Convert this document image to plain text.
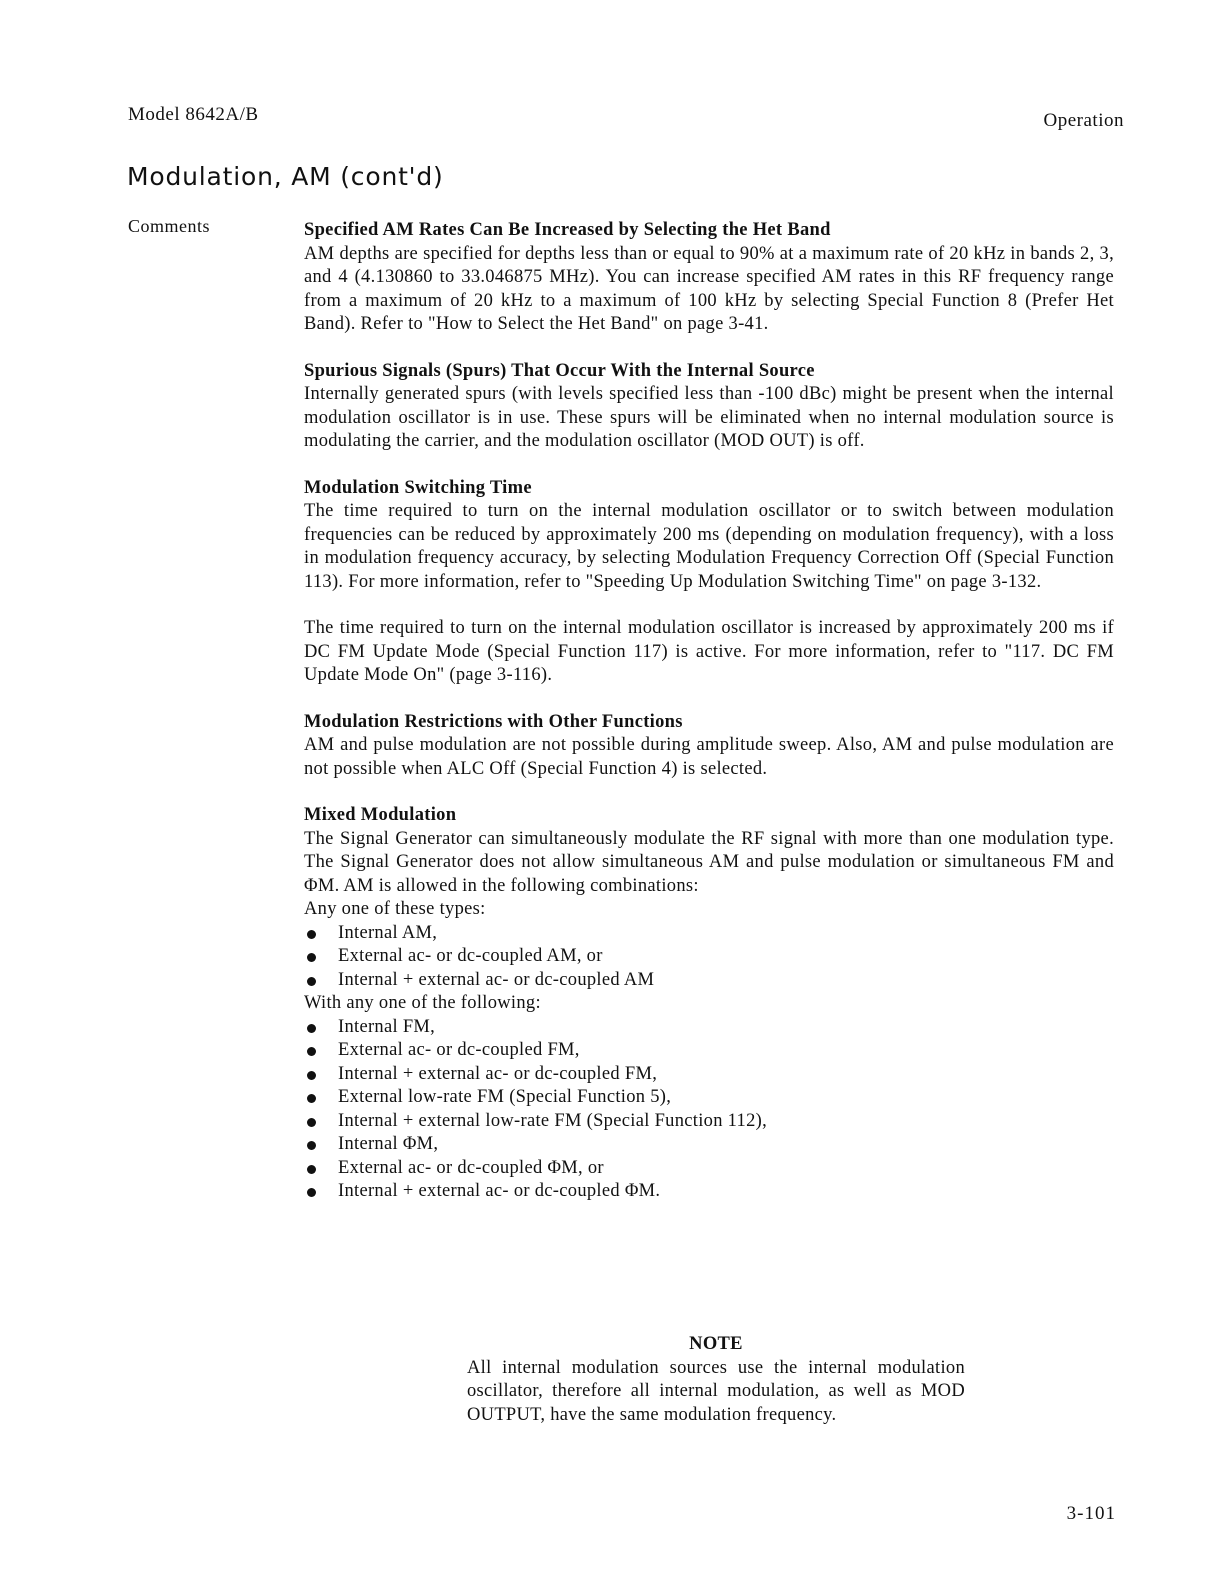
Model 8642A/B	Operation
Modulation, AM (cont'd)
Comments	Specified AM Rates Can Be Increased by Selecting the Het Band

AM depths are specified for depths less than or equal to 90% at a maximum rate of 20 kHz in bands 2, 3, and 4 (4.130860 to 33.046875 MHz). You can increase specified AM rates in this RF frequency range from a maximum of 20 kHz to a maximum of 100 kHz by selecting Special Function 8 (Prefer Het Band). Refer to "How to Select the Het Band" on page 3-41.

Spurious Signals (Spurs) That Occur With the Internal Source

Internally generated spurs (with levels specified less than -100 dBc) might be present when the internal modulation oscillator is in use. These spurs will be eliminated when no internal modulation source is modulating the carrier, and the modulation oscillator (MOD OUT) is off.

Modulation Switching Time

The time required to turn on the internal modulation oscillator or to switch between modulation frequencies can be reduced by approximately 200 ms (depending on modulation frequency), with a loss in modulation frequency accuracy, by selecting Modulation Frequency Correction Off (Special Function 113). For more information, refer to "Speeding Up Modulation Switching Time" on page 3-132.

The time required to turn on the internal modulation oscillator is increased by approximately 200 ms if DC FM Update Mode (Special Function 117) is active. For more information, refer to "117. DC FM Update Mode On" (page 3-116).

Modulation Restrictions with Other Functions

AM and pulse modulation are not possible during amplitude sweep. Also, AM and pulse modulation are not possible when ALC Off (Special Function 4) is selected.

Mixed Modulation

The Signal Generator can simultaneously modulate the RF signal with more than one modulation type. The Signal Generator does not allow simultaneous AM and pulse modulation or simultaneous FM and ΦM. AM is allowed in the following combinations:

Any one of these types:

Internal AM,
External ac- or dc-coupled AM, or
Internal + external ac- or dc-coupled AM

With any one of the following:

Internal FM,
External ac- or dc-coupled FM,
Internal + external ac- or dc-coupled FM,
External low-rate FM (Special Function 5),
Internal + external low-rate FM (Special Function 112),
Internal ΦM,
External ac- or dc-coupled ΦM, or
Internal + external ac- or dc-coupled ΦM.

NOTE

All internal modulation sources use the internal modulation oscillator, therefore all internal modulation, as well as MOD OUTPUT, have the same modulation frequency.

3-101
